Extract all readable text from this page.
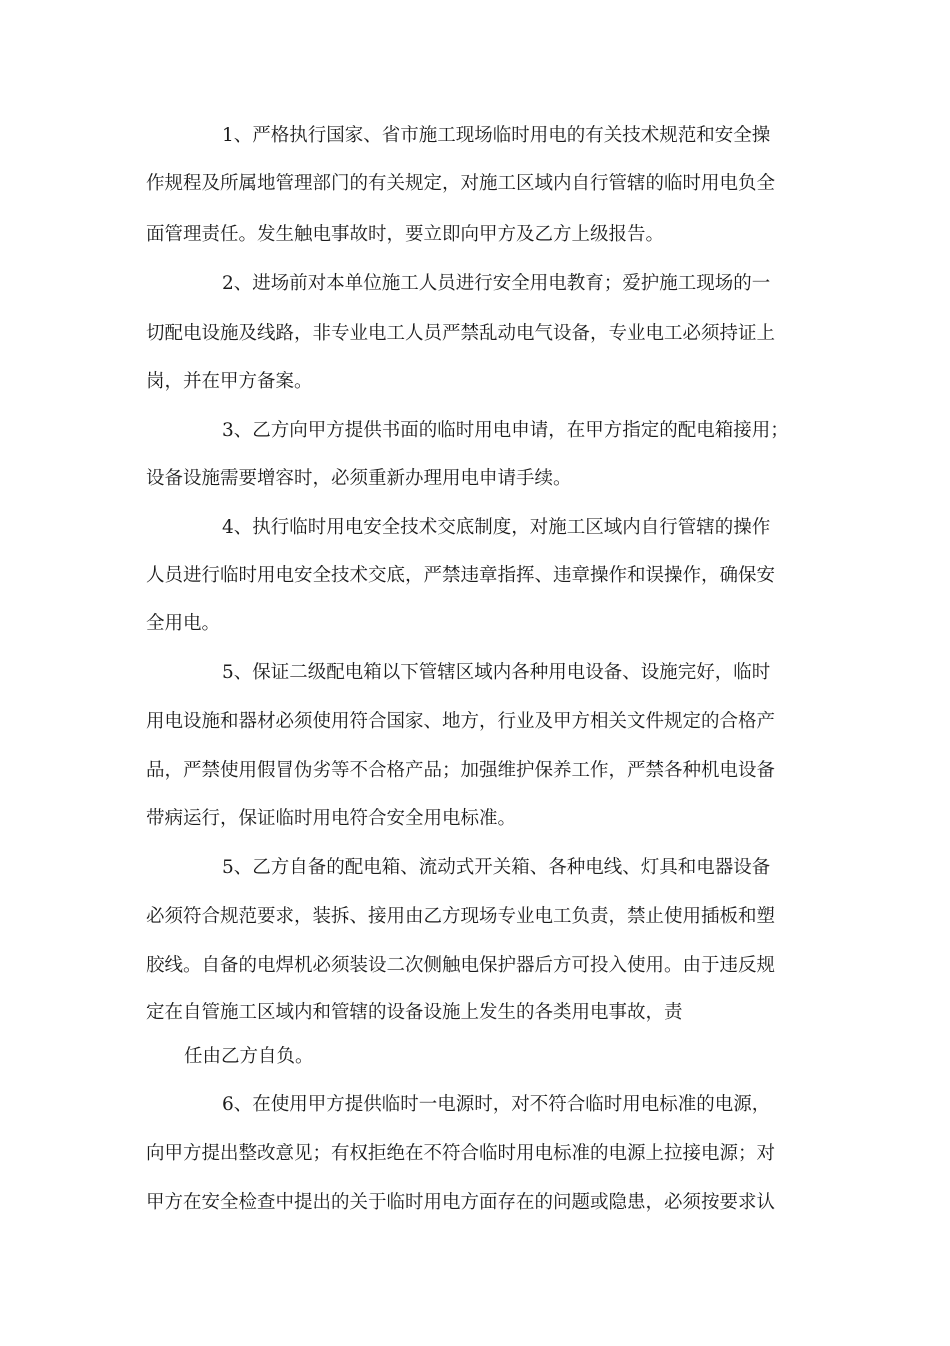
1、严格执行国家、省市施工现场临时用电的有关技术规范和安全操
作规程及所属地管理部门的有关规定，对施工区域内自行管辖的临时用电负全
面管理责任。发生触电事故时，要立即向甲方及乙方上级报告。
2、进场前对本单位施工人员进行安全用电教育；爱护施工现场的一
切配电设施及线路，非专业电工人员严禁乱动电气设备，专业电工必须持证上
岗，并在甲方备案。
3、乙方向甲方提供书面的临时用电申请，在甲方指定的配电箱接用；
设备设施需要增容时，必须重新办理用电申请手续。
4、执行临时用电安全技术交底制度，对施工区域内自行管辖的操作
人员进行临时用电安全技术交底，严禁违章指挥、违章操作和误操作，确保安
全用电。
5、保证二级配电箱以下管辖区域内各种用电设备、设施完好，临时
用电设施和器材必须使用符合国家、地方，行业及甲方相关文件规定的合格产
品，严禁使用假冒伪劣等不合格产品；加强维护保养工作，严禁各种机电设备
带病运行，保证临时用电符合安全用电标准。
5、乙方自备的配电箱、流动式开关箱、各种电线、灯具和电器设备
必须符合规范要求，装拆、接用由乙方现场专业电工负责，禁止使用插板和塑
胶线。自备的电焊机必须装设二次侧触电保护器后方可投入使用。由于违反规
定在自管施工区域内和管辖的设备设施上发生的各类用电事故，责
任由乙方自负。
6、在使用甲方提供临时一电源时，对不符合临时用电标准的电源，
向甲方提出整改意见；有权拒绝在不符合临时用电标准的电源上拉接电源；对
甲方在安全检查中提出的关于临时用电方面存在的问题或隐患，必须按要求认
